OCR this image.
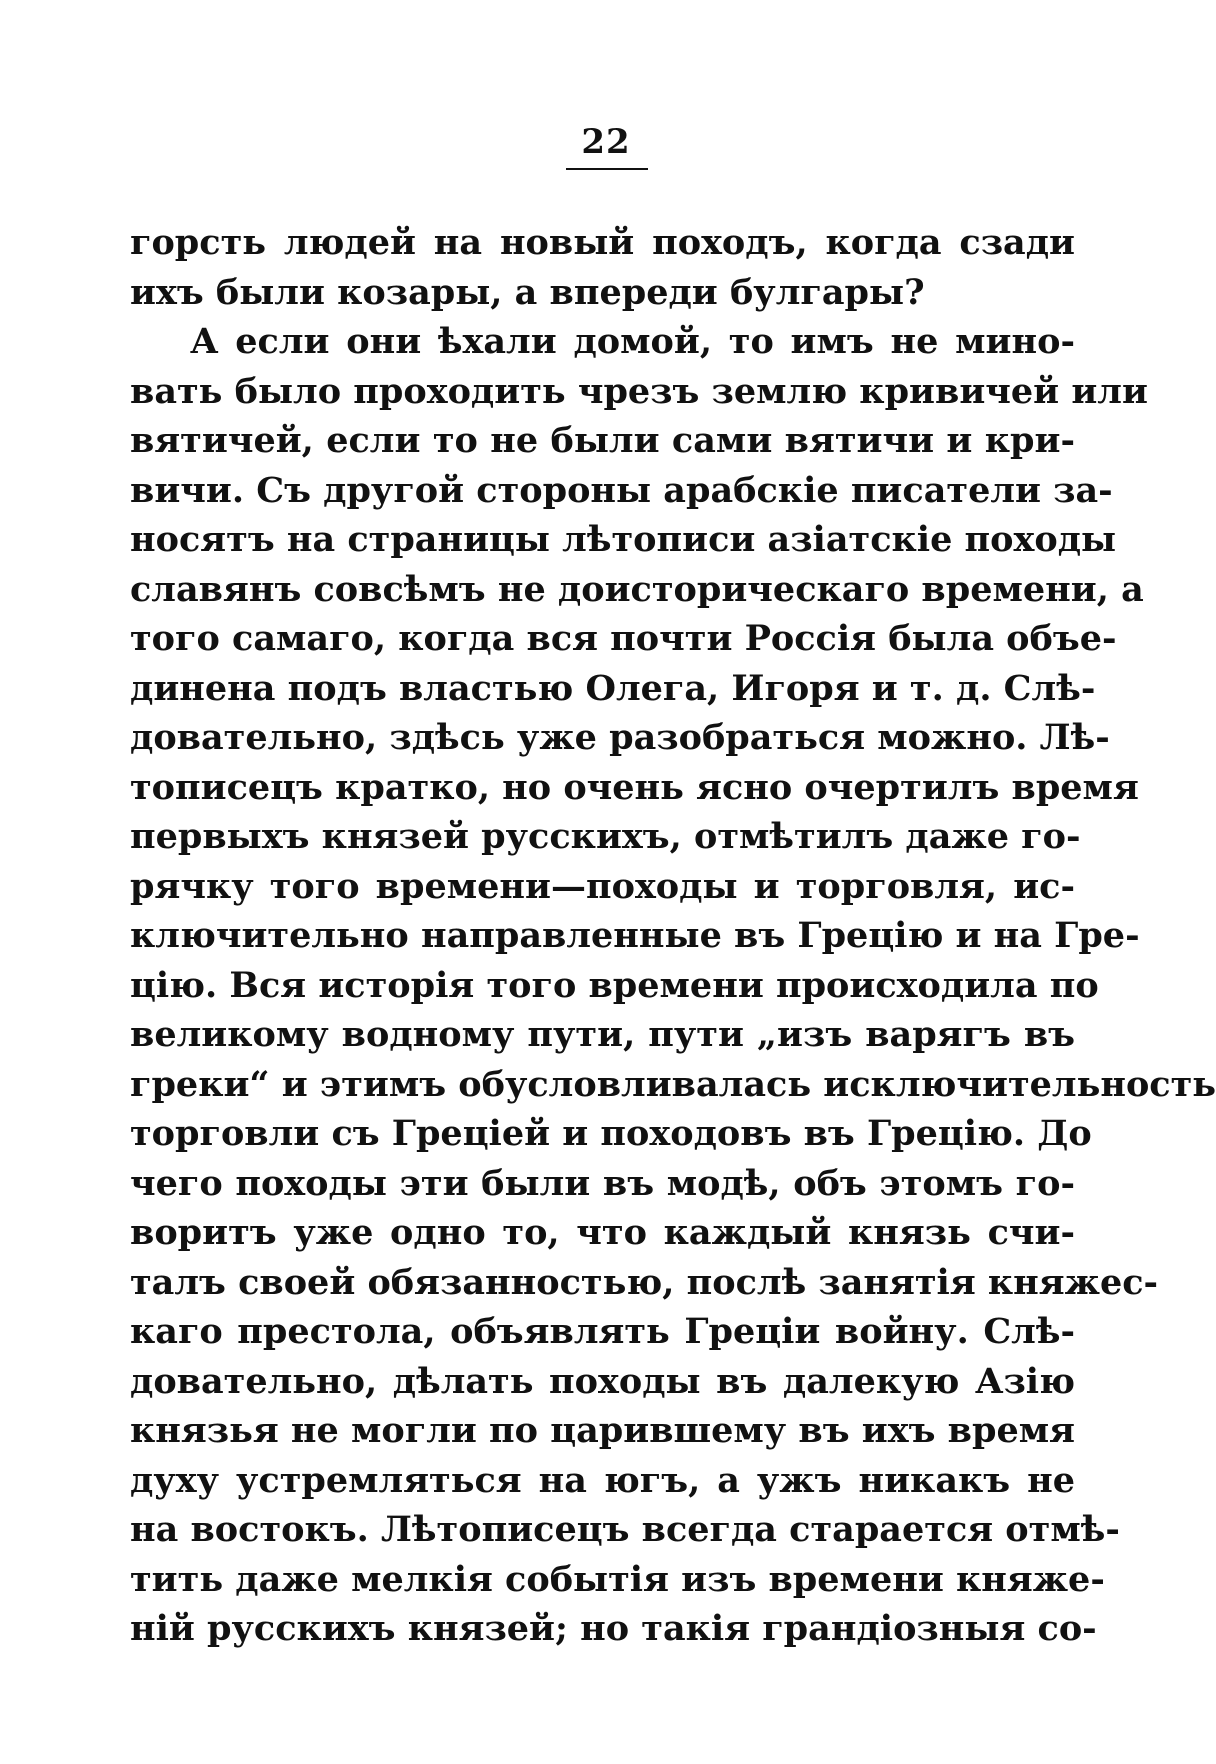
22
горсть людей на новый походъ, когда сзади
ихъ были козары, а впереди булгары?
А если они ѣхали домой, то имъ не мино-
вать было проходить чрезъ землю кривичей или
вятичей, если то не были сами вятичи и кри-
вичи. Съ другой стороны арабскіе писатели за-
носятъ на страницы лѣтописи азіатскіе походы
славянъ совсѣмъ не доисторическаго времени, а
того самаго, когда вся почти Россія была объе-
динена подъ властью Олега, Игоря и т. д. Слѣ-
довательно, здѣсь уже разобраться можно. Лѣ-
тописецъ кратко, но очень ясно очертилъ время
первыхъ князей русскихъ, отмѣтилъ даже го-
рячку того времени—походы и торговля, ис-
ключительно направленные въ Грецію и на Гре-
цію. Вся исторія того времени происходила по
великому водному пути, пути „изъ варягъ въ
греки“ и этимъ обусловливалась исключительность
торговли съ Греціей и походовъ въ Грецію. До
чего походы эти были въ модѣ, объ этомъ го-
воритъ уже одно то, что каждый князь счи-
талъ своей обязанностью, послѣ занятія княжес-
каго престола, объявлять Греціи войну. Слѣ-
довательно, дѣлать походы въ далекую Азію
князья не могли по царившему въ ихъ время
духу устремляться на югъ, а ужъ никакъ не
на востокъ. Лѣтописецъ всегда старается отмѣ-
тить даже мелкія событія изъ времени княже-
ній русскихъ князей; но такія грандіозныя со-
